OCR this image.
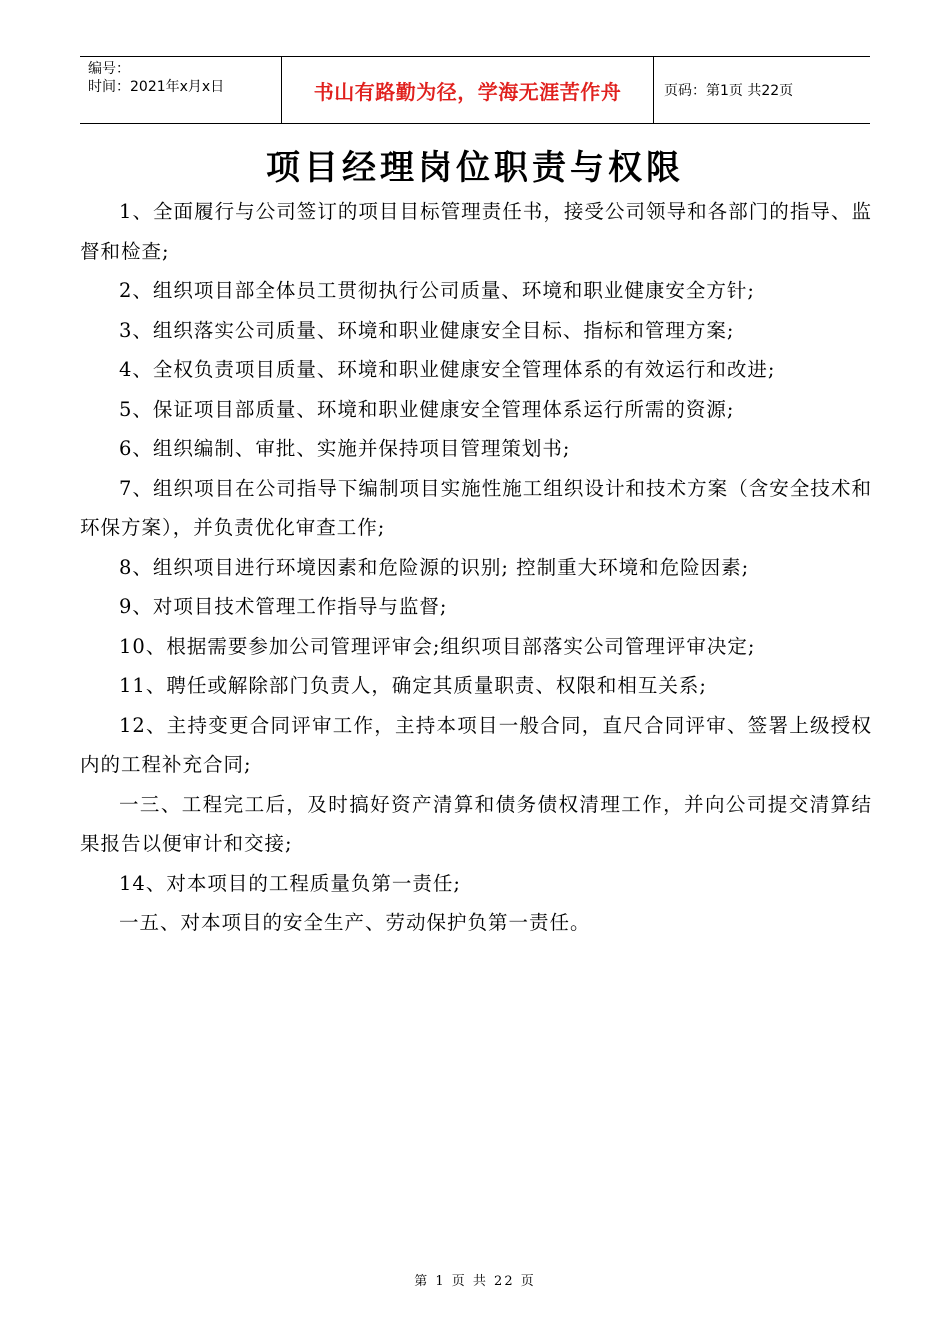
编号：
时间：2021年x月x日	书山有路勤为径，学海无涯苦作舟	页码：第1页 共22页
项目经理岗位职责与权限

1、全面履行与公司签订的项目目标管理责任书，接受公司领导和各部门的指导、监督和检查;

2、组织项目部全体员工贯彻执行公司质量、环境和职业健康安全方针;

3、组织落实公司质量、环境和职业健康安全目标、指标和管理方案;

4、全权负责项目质量、环境和职业健康安全管理体系的有效运行和改进;

5、保证项目部质量、环境和职业健康安全管理体系运行所需的资源;

6、组织编制、审批、实施并保持项目管理策划书;

7、组织项目在公司指导下编制项目实施性施工组织设计和技术方案（含安全技术和环保方案），并负责优化审查工作;

8、组织项目进行环境因素和危险源的识别; 控制重大环境和危险因素;

9、对项目技术管理工作指导与监督;

10、根据需要参加公司管理评审会;组织项目部落实公司管理评审决定;

11、聘任或解除部门负责人，确定其质量职责、权限和相互关系;

12、主持变更合同评审工作，主持本项目一般合同，直尺合同评审、签署上级授权内的工程补充合同;

一三、工程完工后，及时搞好资产清算和债务债权清理工作，并向公司提交清算结果报告以便审计和交接;

14、对本项目的工程质量负第一责任;

一五、对本项目的安全生产、劳动保护负第一责任。

第 1 页 共 22 页
